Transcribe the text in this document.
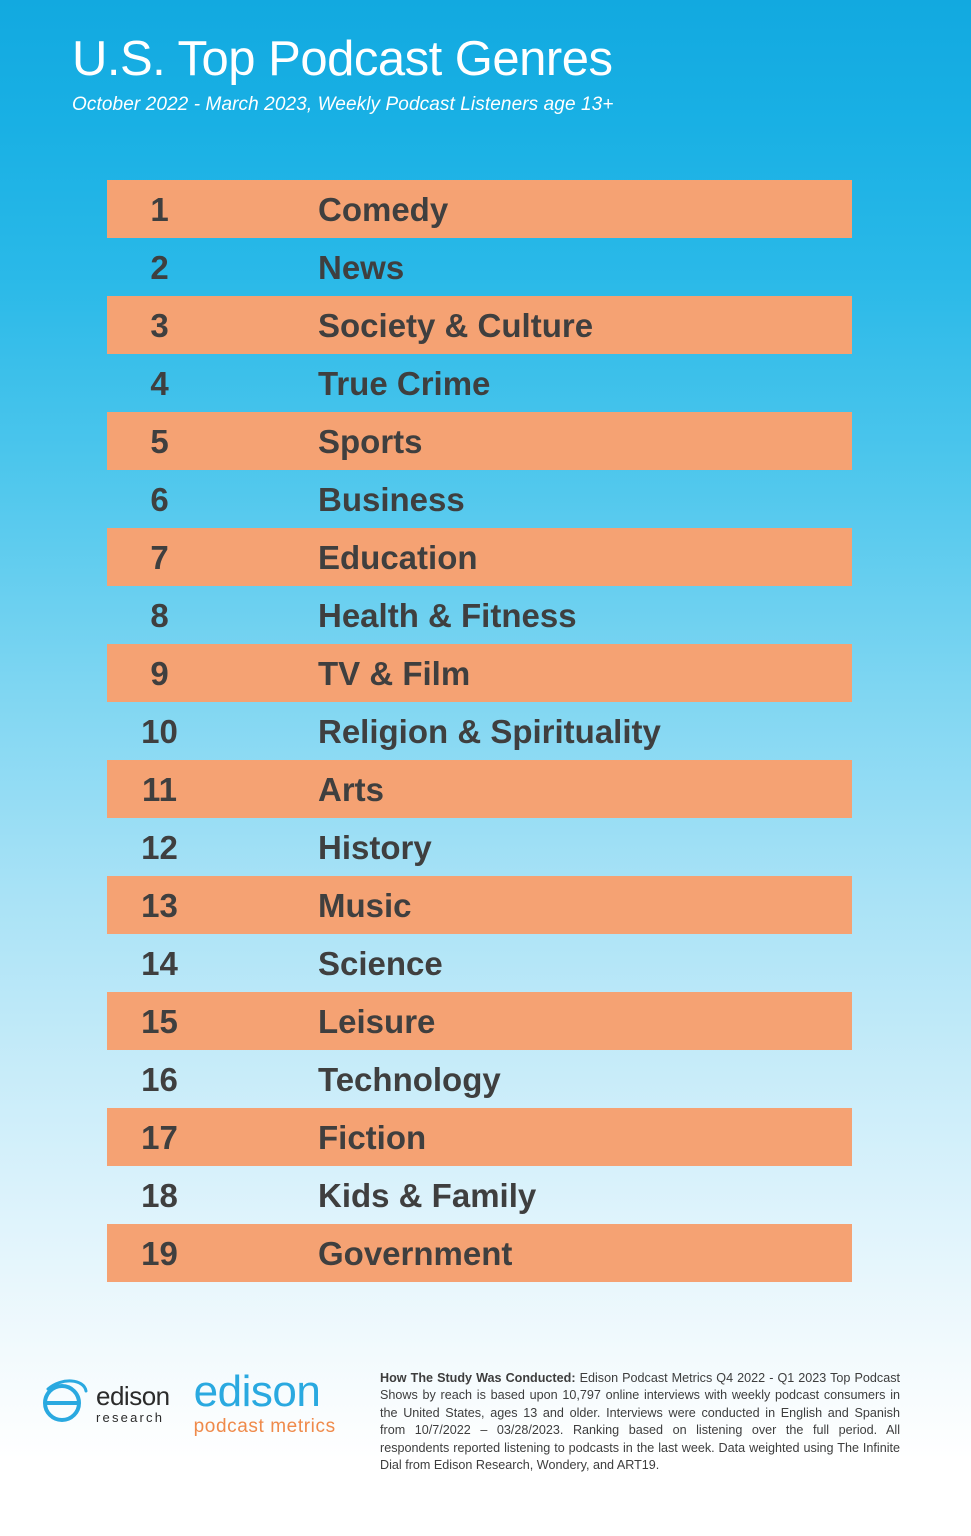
U.S. Top Podcast Genres
October 2022 - March 2023, Weekly Podcast Listeners age 13+
1	Comedy
2	News
3	Society & Culture
4	True Crime
5	Sports
6	Business
7	Education
8	Health & Fitness
9	TV & Film
10	Religion & Spirituality
11	Arts
12	History
13	Music
14	Science
15	Leisure
16	Technology
17	Fiction
18	Kids & Family
19	Government
edison
research
edison
podcast metrics
How The Study Was Conducted: Edison Podcast Metrics Q4 2022 - Q1 2023 Top Podcast Shows by reach is based upon 10,797 online interviews with weekly podcast consumers in the United States, ages 13 and older. Interviews were conducted in English and Spanish from 10/7/2022 – 03/28/2023. Ranking based on listening over the full period. All respondents reported listening to podcasts in the last week. Data weighted using The Infinite Dial from Edison Research, Wondery, and ART19.
